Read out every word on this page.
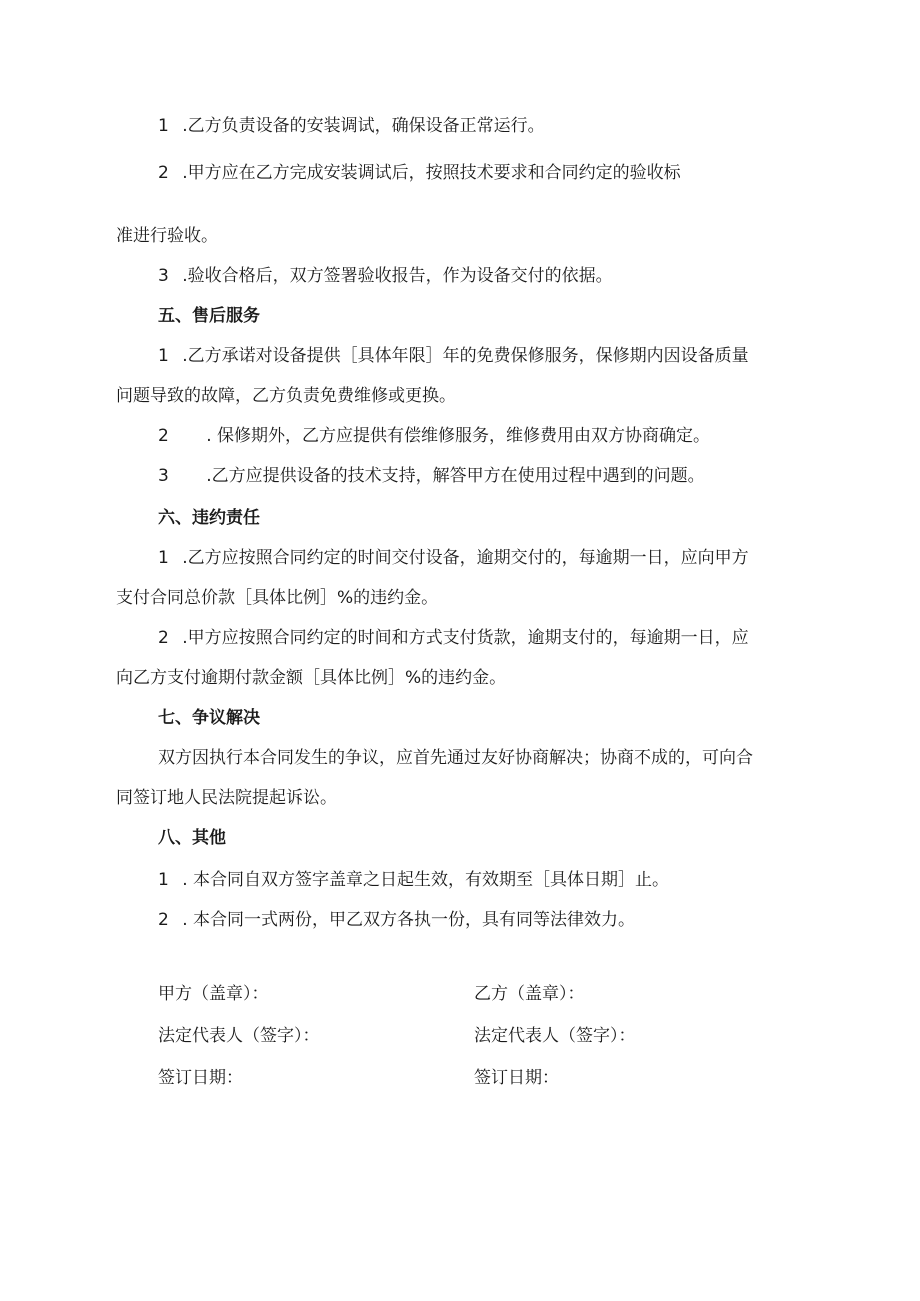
1 .乙方负责设备的安装调试，确保设备正常运行。
2 .甲方应在乙方完成安装调试后，按照技术要求和合同约定的验收标
准进行验收。
3 .验收合格后，双方签署验收报告，作为设备交付的依据。
五、售后服务
1 .乙方承诺对设备提供［具体年限］年的免费保修服务，保修期内因设备质量
问题导致的故障，乙方负责免费维修或更换。
2 . 保修期外，乙方应提供有偿维修服务，维修费用由双方协商确定。
3 .乙方应提供设备的技术支持，解答甲方在使用过程中遇到的问题。
六、违约责任
1 .乙方应按照合同约定的时间交付设备，逾期交付的，每逾期一日，应向甲方
支付合同总价款［具体比例］%的违约金。
2 .甲方应按照合同约定的时间和方式支付货款，逾期支付的，每逾期一日，应
向乙方支付逾期付款金额［具体比例］%的违约金。
七、争议解决
双方因执行本合同发生的争议，应首先通过友好协商解决；协商不成的，可向合
同签订地人民法院提起诉讼。
八、其他
1 . 本合同自双方签字盖章之日起生效，有效期至［具体日期］止。
2 . 本合同一式两份，甲乙双方各执一份，具有同等法律效力。
甲方（盖章）：	乙方（盖章）：
法定代表人（签字）：	法定代表人（签字）：
签订日期：	签订日期：
